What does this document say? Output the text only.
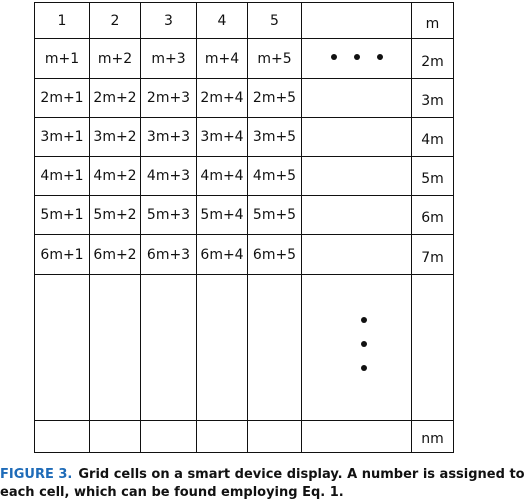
1	2	3	4	5		m
m+1	m+2	m+3	m+4	m+5		2m
2m+1	2m+2	2m+3	2m+4	2m+5		3m
3m+1	3m+2	3m+3	3m+4	3m+5		4m
4m+1	4m+2	4m+3	4m+4	4m+5		5m
5m+1	5m+2	5m+3	5m+4	5m+5		6m
6m+1	6m+2	6m+3	6m+4	6m+5		7m

						nm
FIGURE 3. Grid cells on a smart device display. A number is assigned to
each cell, which can be found employing Eq. 1.
